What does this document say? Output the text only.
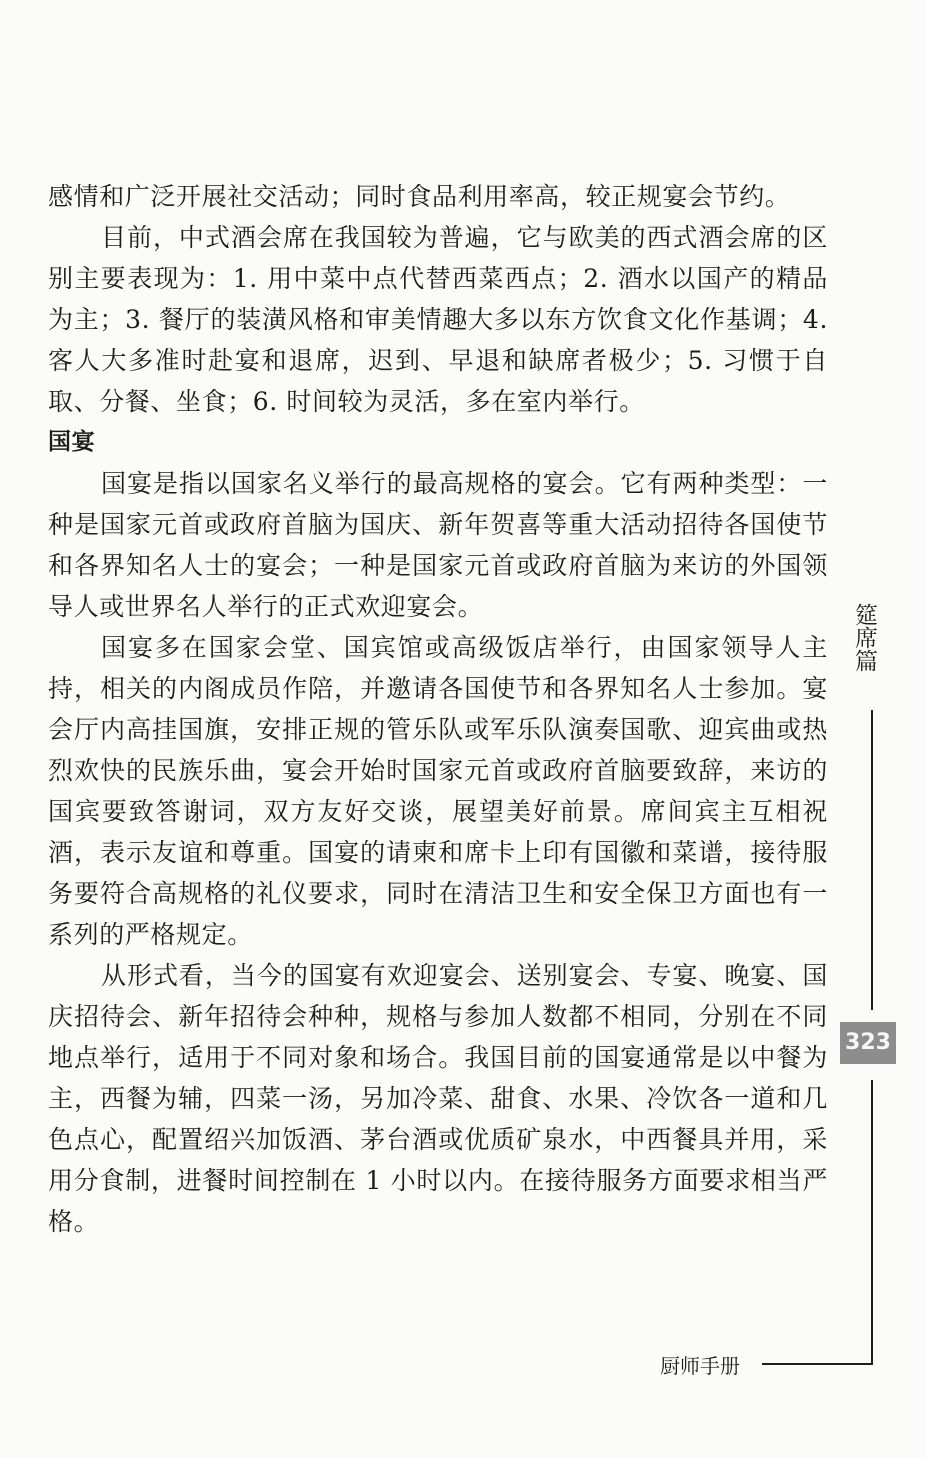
感情和广泛开展社交活动；同时食品利用率高，较正规宴会节约。

目前，中式酒会席在我国较为普遍，它与欧美的西式酒会席的区别主要表现为：1. 用中菜中点代替西菜西点；2. 酒水以国产的精品为主；3. 餐厅的装潢风格和审美情趣大多以东方饮食文化作基调；4. 客人大多准时赴宴和退席，迟到、早退和缺席者极少；5. 习惯于自取、分餐、坐食；6. 时间较为灵活，多在室内举行。

国宴

国宴是指以国家名义举行的最高规格的宴会。它有两种类型：一种是国家元首或政府首脑为国庆、新年贺喜等重大活动招待各国使节和各界知名人士的宴会；一种是国家元首或政府首脑为来访的外国领导人或世界名人举行的正式欢迎宴会。

国宴多在国家会堂、国宾馆或高级饭店举行，由国家领导人主持，相关的内阁成员作陪，并邀请各国使节和各界知名人士参加。宴会厅内高挂国旗，安排正规的管乐队或军乐队演奏国歌、迎宾曲或热烈欢快的民族乐曲，宴会开始时国家元首或政府首脑要致辞，来访的国宾要致答谢词，双方友好交谈，展望美好前景。席间宾主互相祝酒，表示友谊和尊重。国宴的请柬和席卡上印有国徽和菜谱，接待服务要符合高规格的礼仪要求，同时在清洁卫生和安全保卫方面也有一系列的严格规定。

从形式看，当今的国宴有欢迎宴会、送别宴会、专宴、晚宴、国庆招待会、新年招待会种种，规格与参加人数都不相同，分别在不同地点举行，适用于不同对象和场合。我国目前的国宴通常是以中餐为主，西餐为辅，四菜一汤，另加冷菜、甜食、水果、冷饮各一道和几色点心，配置绍兴加饭酒、茅台酒或优质矿泉水，中西餐具并用，采用分食制，进餐时间控制在 1 小时以内。在接待服务方面要求相当严格。

筵席篇
323
厨师手册
